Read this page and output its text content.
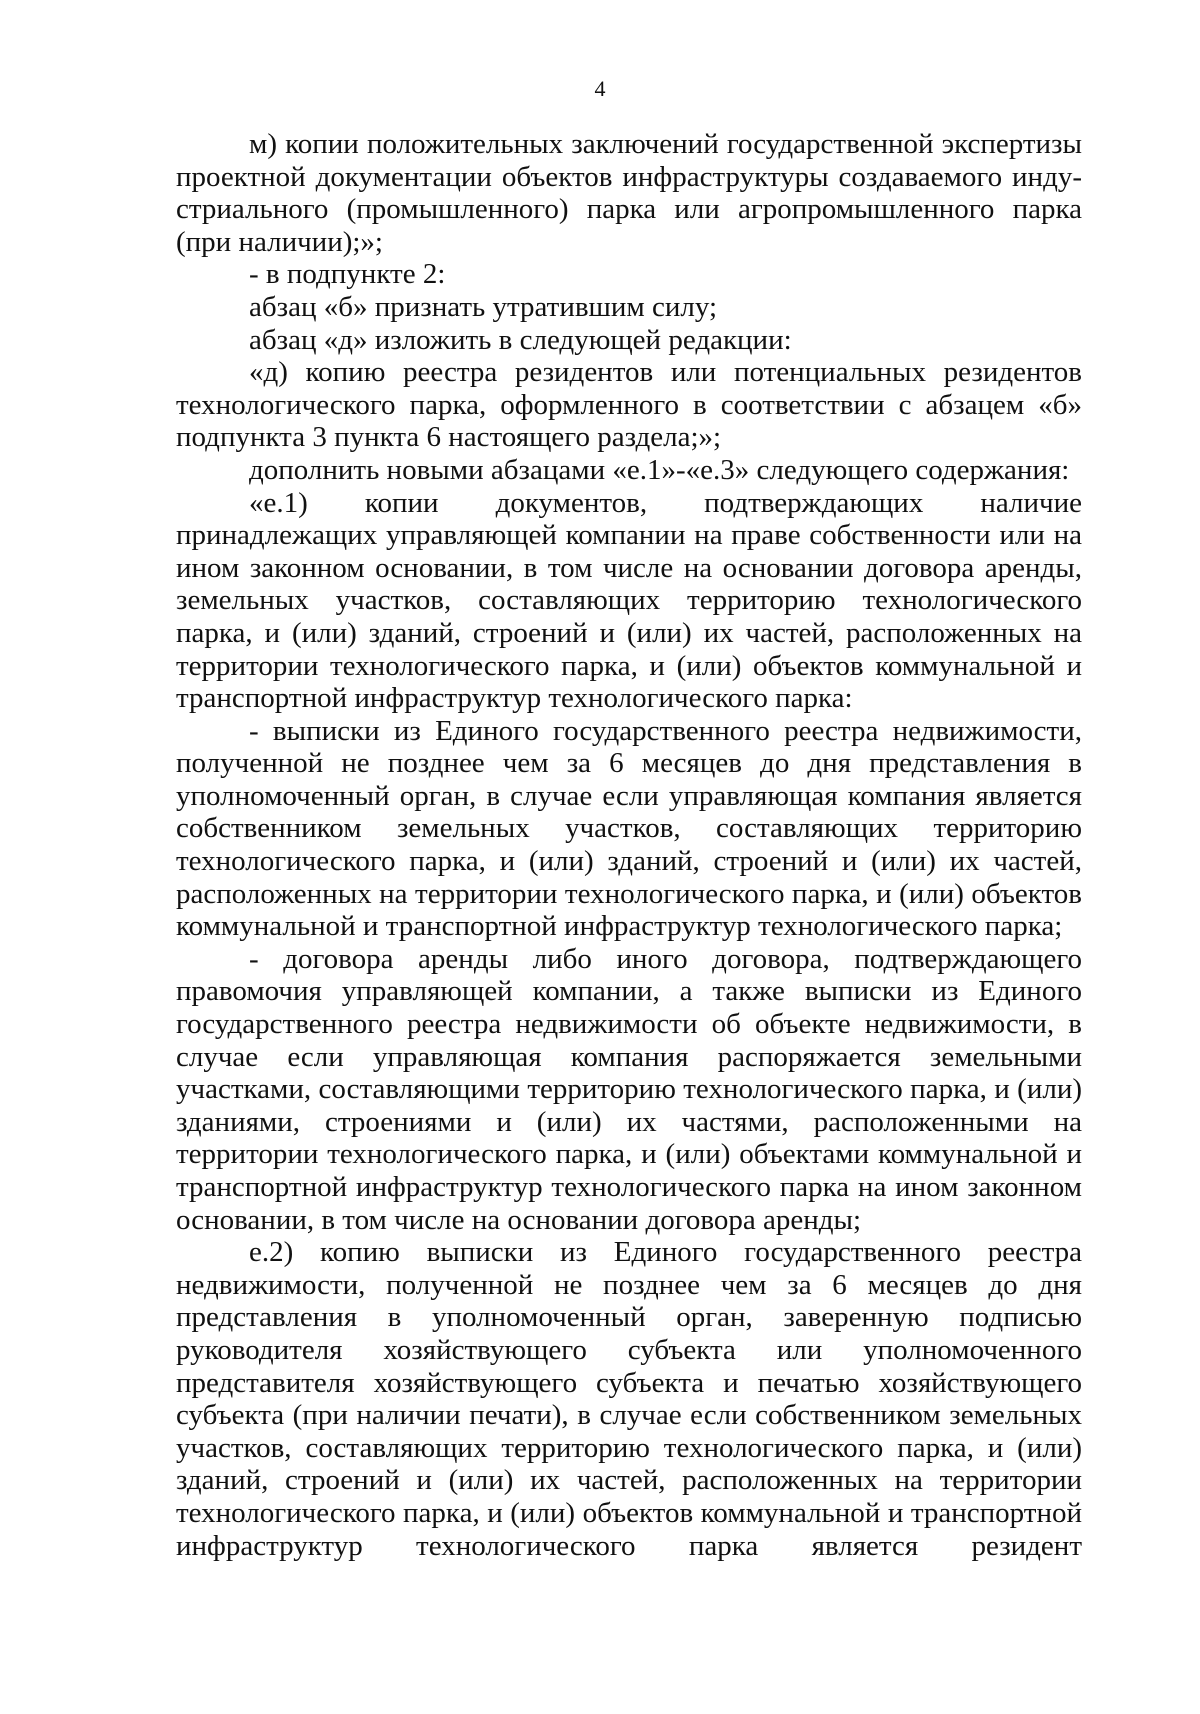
4

м) копии положительных заключений государственной экспертизы проектной документации объектов инфраструктуры создаваемого индустриального (промышленного) парка или агропромышленного парка (при наличии);»;

- в подпункте 2:

абзац «б» признать утратившим силу;

абзац «д» изложить в следующей редакции:

«д) копию реестра резидентов или потенциальных резидентов технологического парка, оформленного в соответствии с абзацем «б» подпункта 3 пункта 6 настоящего раздела;»;

дополнить новыми абзацами «е.1»-«е.3» следующего содержания:

«е.1) копии документов, подтверждающих наличие принадлежащих управляющей компании на праве собственности или на ином законном основании, в том числе на основании договора аренды, земельных участков, составляющих территорию технологического парка, и (или) зданий, строений и (или) их частей, расположенных на территории технологического парка, и (или) объектов коммунальной и транспортной инфраструктур технологического парка:

- выписки из Единого государственного реестра недвижимости, полученной не позднее чем за 6 месяцев до дня представления в уполномоченный орган, в случае если управляющая компания является собственником земельных участков, составляющих территорию технологического парка, и (или) зданий, строений и (или) их частей, расположенных на территории технологического парка, и (или) объектов коммунальной и транспортной инфраструктур технологического парка;

- договора аренды либо иного договора, подтверждающего правомочия управляющей компании, а также выписки из Единого государственного реестра недвижимости об объекте недвижимости, в случае если управляющая компания распоряжается земельными участками, составляющими территорию технологического парка, и (или) зданиями, строениями и (или) их частями, расположенными на территории технологического парка, и (или) объектами коммунальной и транспортной инфраструктур технологического парка на ином законном основании, в том числе на основании договора аренды;

е.2) копию выписки из Единого государственного реестра недвижимости, полученной не позднее чем за 6 месяцев до дня представления в уполномоченный орган, заверенную подписью руководителя хозяйствующего субъекта или уполномоченного представителя хозяйствующего субъекта и печатью хозяйствующего субъекта (при наличии печати), в случае если собственником земельных участков, составляющих территорию технологического парка, и (или) зданий, строений и (или) их частей, расположенных на территории технологического парка, и (или) объектов коммунальной и транспортной инфраструктур технологического парка является резидент
